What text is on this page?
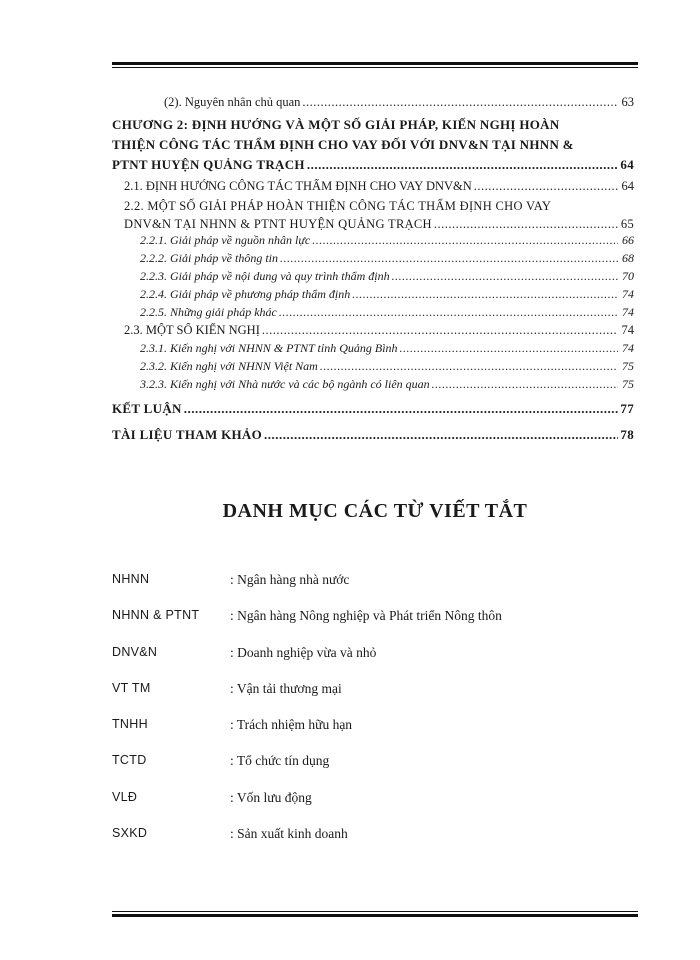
(2). Nguyên nhân chủ quan .....	63
CHƯƠNG 2: ĐỊNH HƯỚNG VÀ MỘT SỐ GIẢI PHÁP, KIẾN NGHỊ HOÀN
THIỆN CÔNG TÁC THẨM ĐỊNH CHO VAY ĐỐI VỚI DNV&N TẠI NHNN &
PTNT HUYỆN QUẢNG TRẠCH .....	64
2.1. ĐỊNH HƯỚNG CÔNG TÁC THẨM ĐỊNH CHO VAY DNV&N .....	64
2.2. MỘT SỐ GIẢI PHÁP HOÀN THIỆN CÔNG TÁC THẨM ĐỊNH CHO VAY
DNV&N TẠI NHNN & PTNT HUYỆN QUẢNG TRẠCH .....	65
2.2.1. Giải pháp về nguồn nhân lực .....	66
2.2.2. Giải pháp về thông tin .....	68
2.2.3. Giải pháp về nội dung và quy trình thẩm định .....	70
2.2.4. Giải pháp về phương pháp thẩm định .....	74
2.2.5. Những giải pháp khác .....	74
2.3. MỘT SỐ KIẾN NGHỊ .....	74
2.3.1. Kiến nghị với NHNN & PTNT tỉnh Quảng Bình .....	74
2.3.2. Kiến nghị với NHNN Việt Nam .....	75
3.2.3. Kiến nghị với Nhà nước và các bộ ngành có liên quan .....	75
KẾT LUẬN .....	77
TÀI LIỆU THAM KHẢO .....	78
DANH MỤC CÁC TỪ VIẾT TẮT
NHNN	: Ngân hàng nhà nước
NHNN & PTNT	: Ngân hàng Nông nghiệp và Phát triển Nông thôn
DNV&N	: Doanh nghiệp vừa và nhỏ
VT TM	: Vận tải thương mại
TNHH	: Trách nhiệm hữu hạn
TCTD	: Tổ chức tín dụng
VLĐ	: Vốn lưu động
SXKD	: Sản xuất kinh doanh
